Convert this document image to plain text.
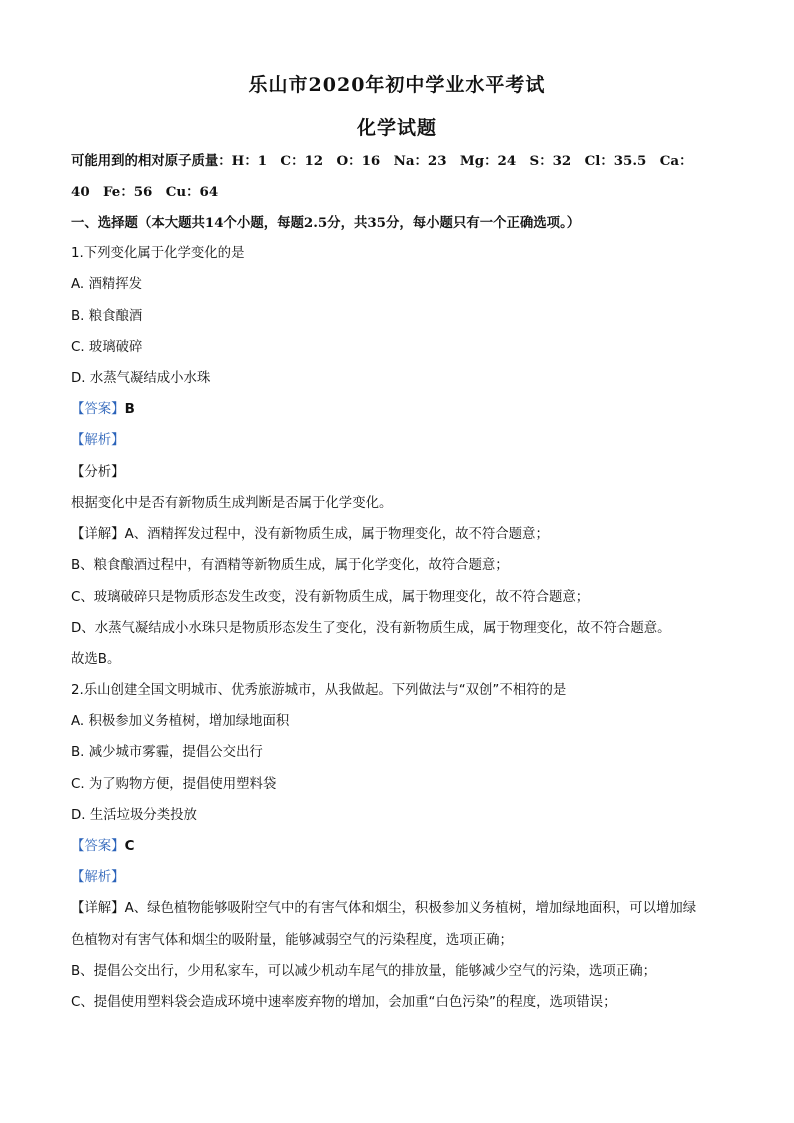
乐山市2020年初中学业水平考试
化学试题
可能用到的相对原子质量：H：1　C：12　O：16　Na：23　Mg：24　S：32　Cl：35.5　Ca：
40　Fe：56　Cu：64
一、选择题（本大题共14个小题，每题2.5分，共35分，每小题只有一个正确选项。）
1.下列变化属于化学变化的是
A. 酒精挥发
B. 粮食酿酒
C. 玻璃破碎
D. 水蒸气凝结成小水珠
【答案】B
【解析】
【分析】
根据变化中是否有新物质生成判断是否属于化学变化。
【详解】A、酒精挥发过程中，没有新物质生成，属于物理变化，故不符合题意；
B、粮食酿酒过程中，有酒精等新物质生成，属于化学变化，故符合题意；
C、玻璃破碎只是物质形态发生改变，没有新物质生成，属于物理变化，故不符合题意；
D、水蒸气凝结成小水珠只是物质形态发生了变化，没有新物质生成，属于物理变化，故不符合题意。
故选B。
2.乐山创建全国文明城市、优秀旅游城市，从我做起。下列做法与“双创”不相符的是
A. 积极参加义务植树，增加绿地面积
B. 减少城市雾霾，提倡公交出行
C. 为了购物方便，提倡使用塑料袋
D. 生活垃圾分类投放
【答案】C
【解析】
【详解】A、绿色植物能够吸附空气中的有害气体和烟尘，积极参加义务植树，增加绿地面积，可以增加绿
色植物对有害气体和烟尘的吸附量，能够减弱空气的污染程度，选项正确；
B、提倡公交出行，少用私家车，可以减少机动车尾气的排放量，能够减少空气的污染，选项正确；
C、提倡使用塑料袋会造成环境中速率废弃物的增加，会加重“白色污染”的程度，选项错误；
